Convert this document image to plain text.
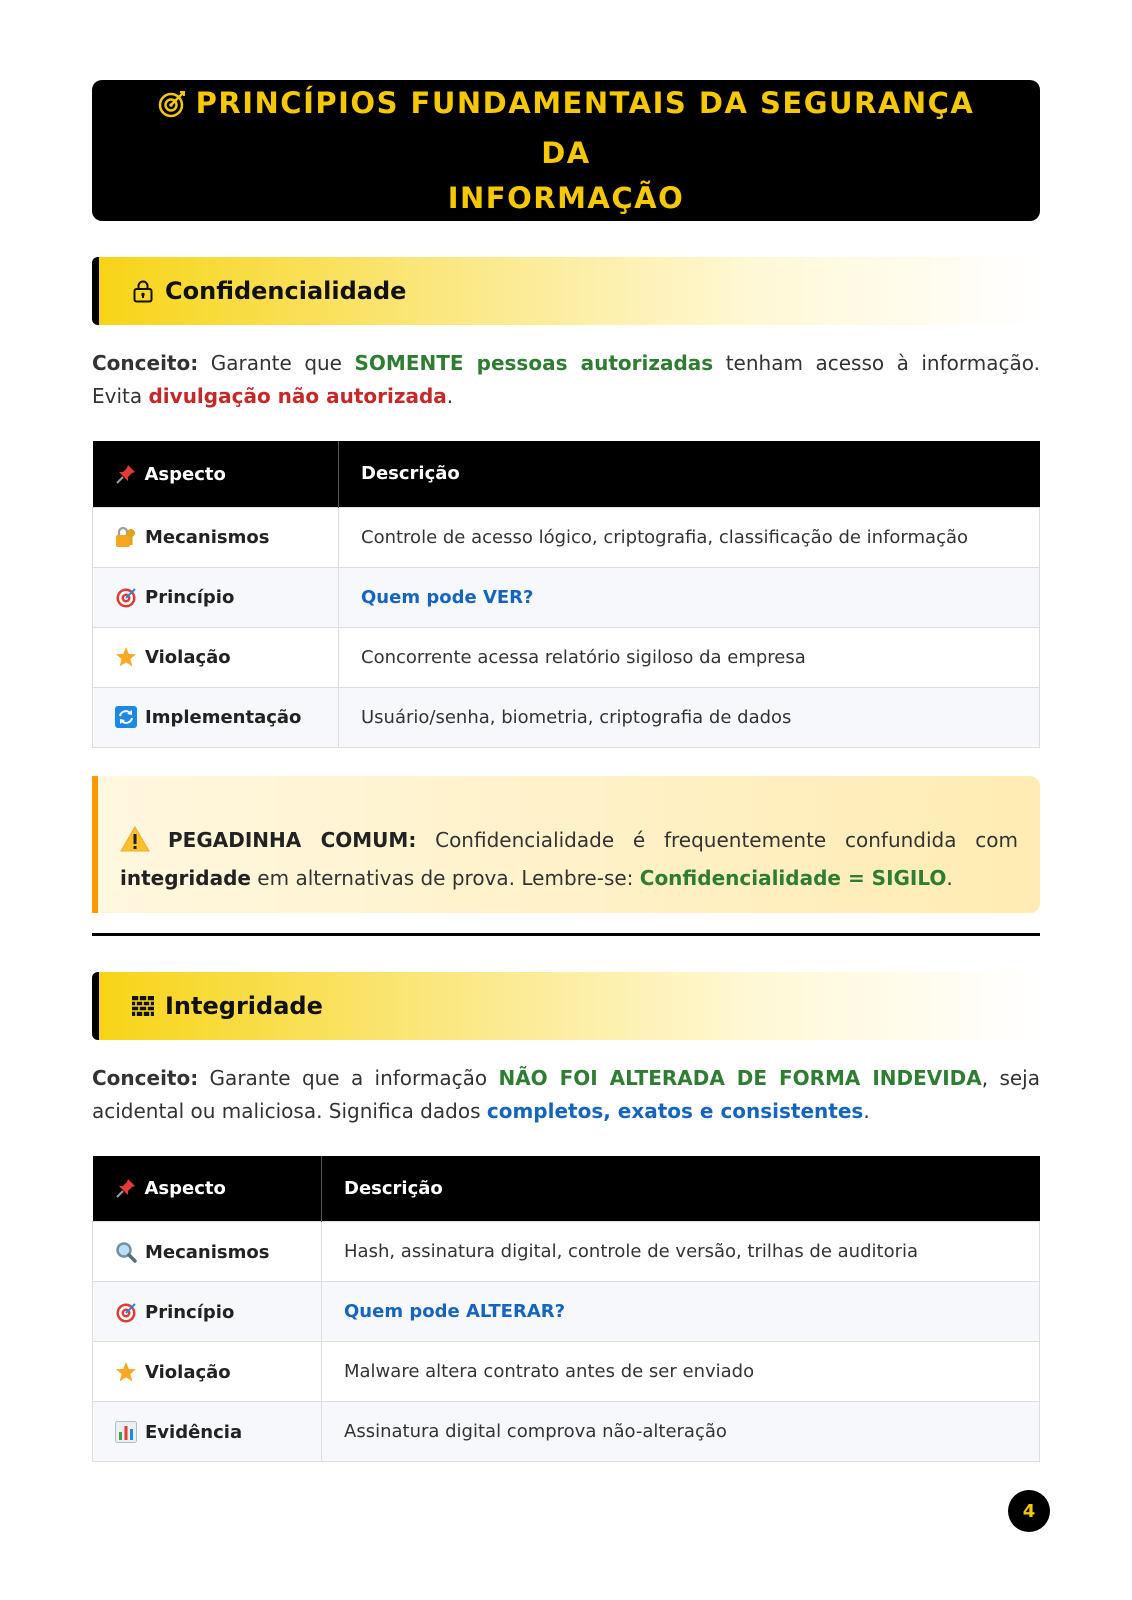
PRINCÍPIOS FUNDAMENTAIS DA SEGURANÇA DA
INFORMAÇÃO
Confidencialidade

Conceito: Garante que SOMENTE pessoas autorizadas tenham acesso à informação. Evita divulgação não autorizada.

Aspecto	Descrição
Mecanismos	Controle de acesso lógico, criptografia, classificação de informação
Princípio	Quem pode VER?
Violação	Concorrente acessa relatório sigiloso da empresa
Implementação	Usuário/senha, biometria, criptografia de dados
PEGADINHA COMUM: Confidencialidade é frequentemente confundida com integridade em alternativas de prova. Lembre-se: Confidencialidade = SIGILO.
Integridade

Conceito: Garante que a informação NÃO FOI ALTERADA DE FORMA INDEVIDA, seja acidental ou maliciosa. Significa dados completos, exatos e consistentes.

Aspecto	Descrição
Mecanismos	Hash, assinatura digital, controle de versão, trilhas de auditoria
Princípio	Quem pode ALTERAR?
Violação	Malware altera contrato antes de ser enviado
Evidência	Assinatura digital comprova não-alteração
4
